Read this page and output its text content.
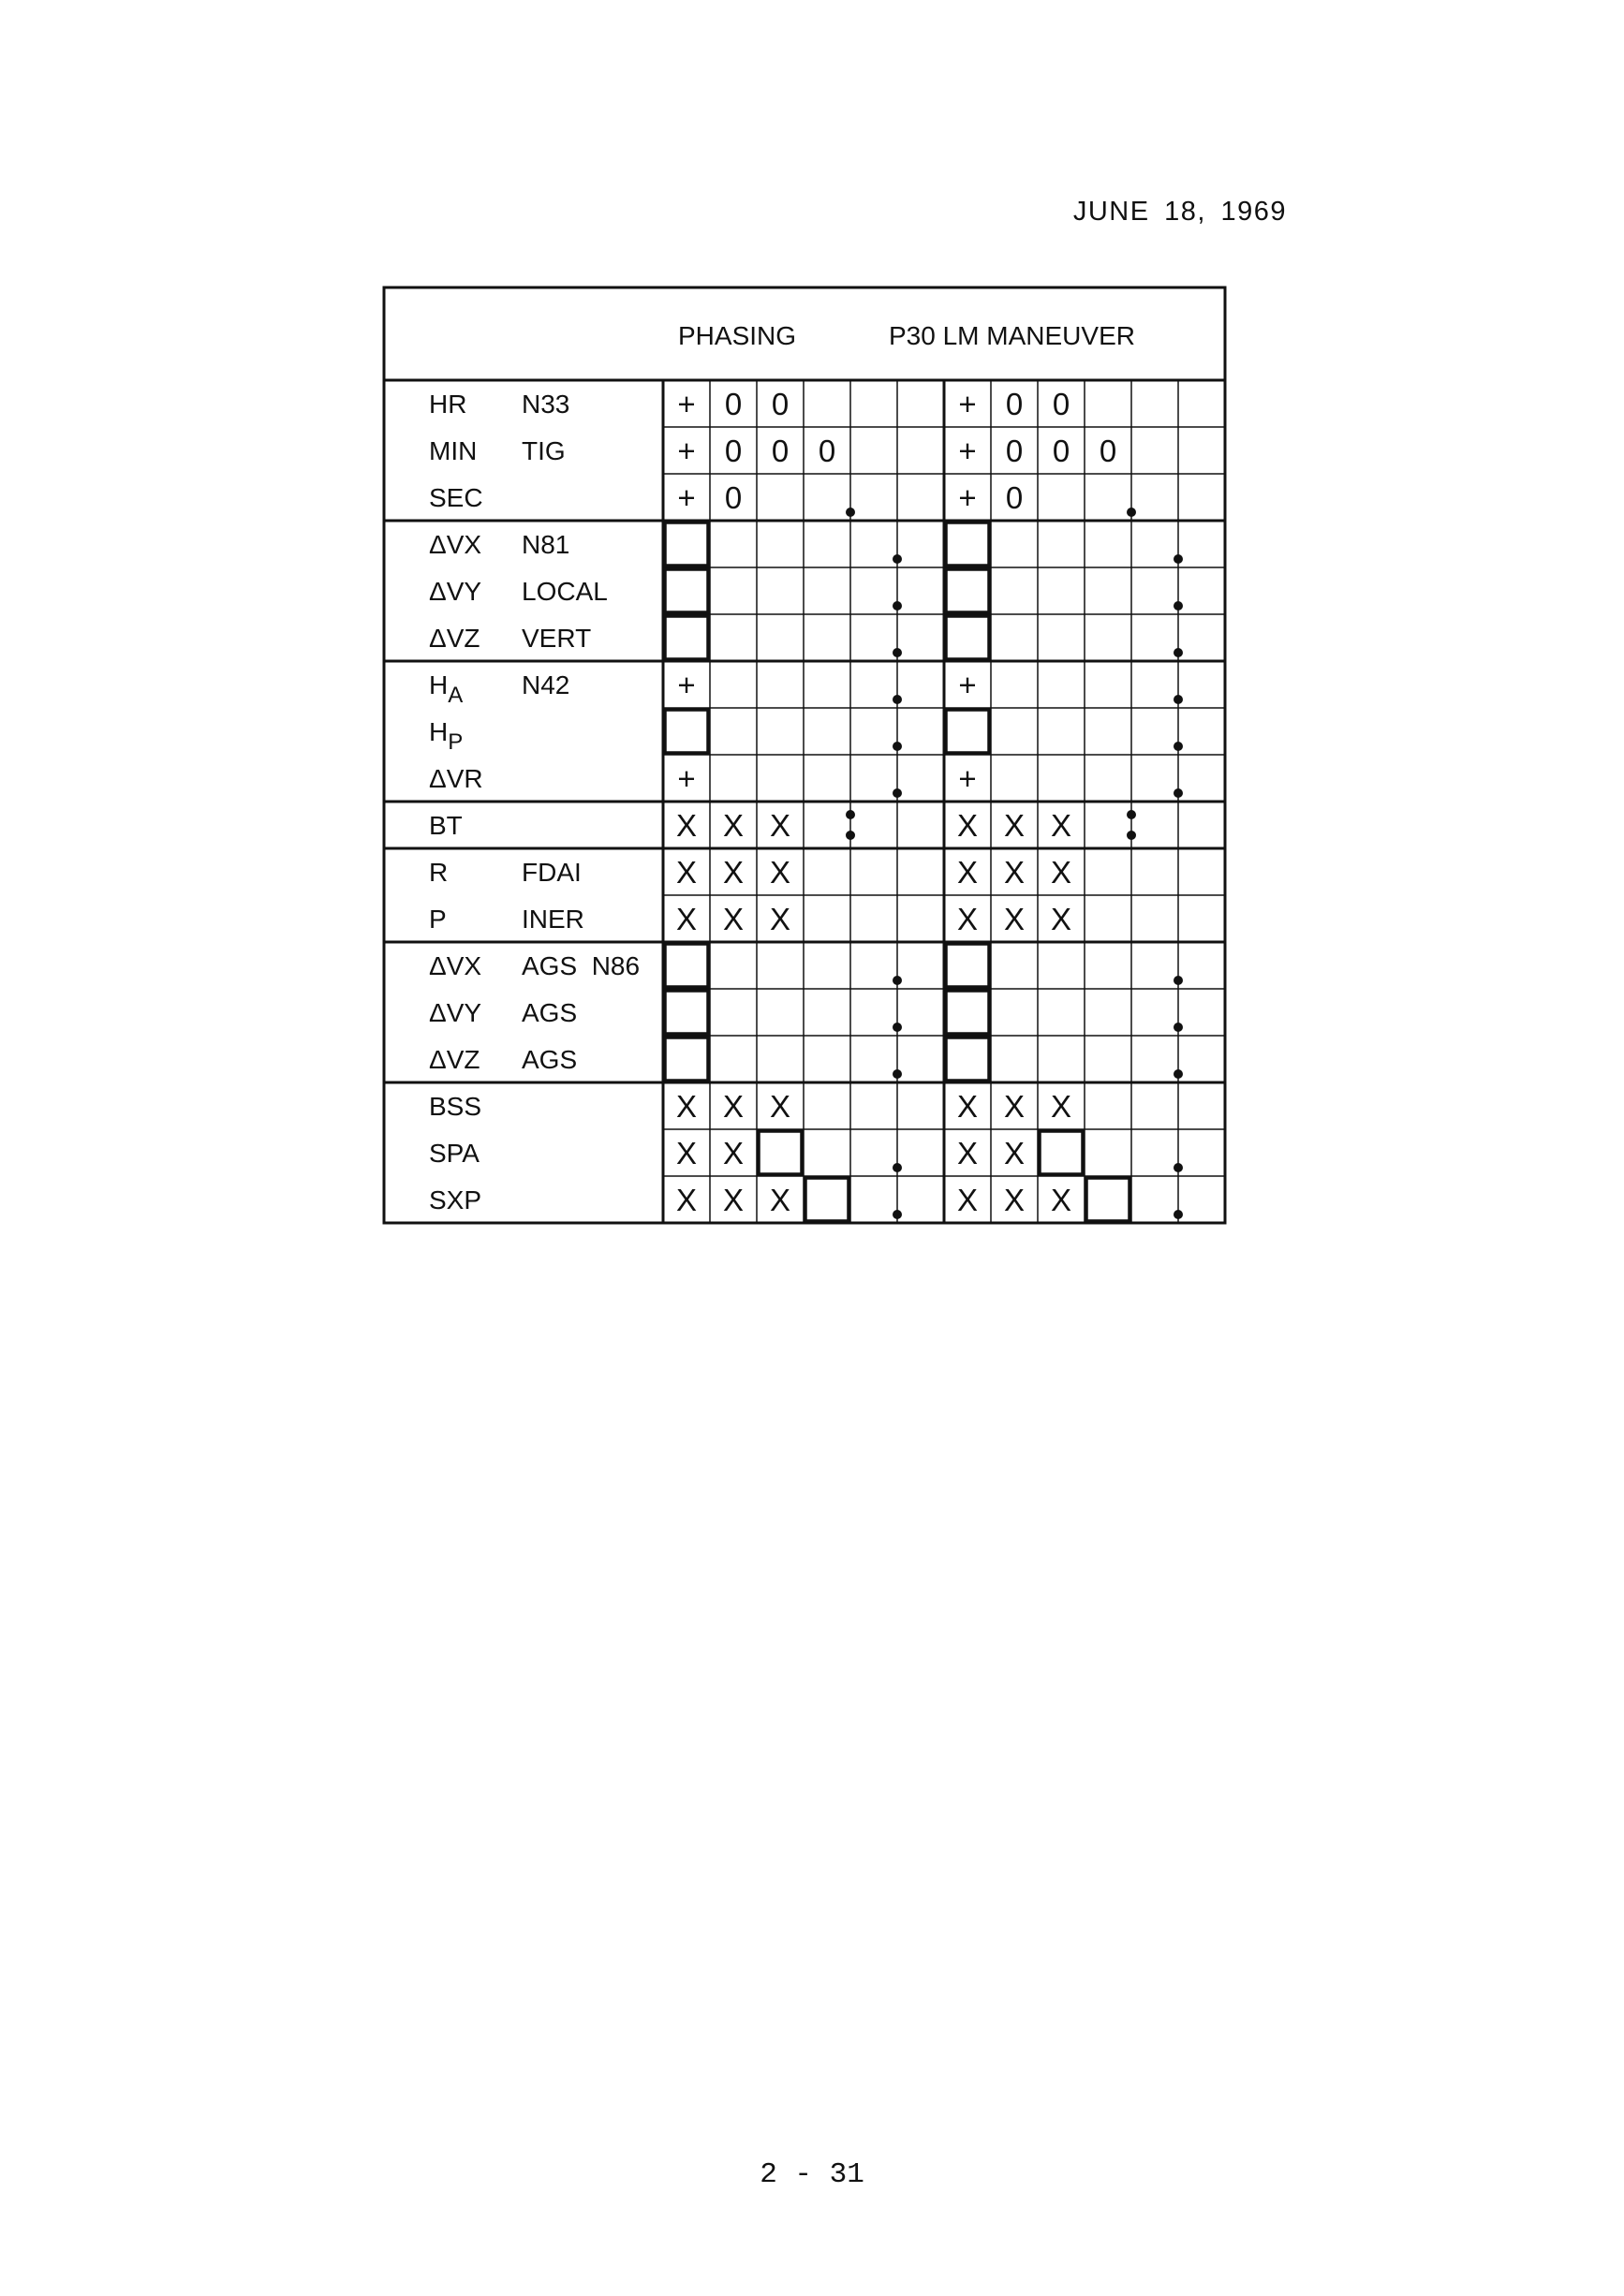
JUNE 18, 1969
PHASING	P30 LM MANEUVER
HR N33	+ 0 0	+ 0 0
MIN TIG	+ 0 0 0	+ 0 0 0
SEC	+ 0	+ 0
ΔVX N81
ΔVY LOCAL
ΔVZ VERT
HA N42	+	+
HP
ΔVR	+	+
BT	X X X	X X X
R	FDAI	X X X	X X X
P	INER	X X X	X X X
ΔVX AGS  N86
ΔVY AGS
ΔVZ AGS
BSS	X X X	X X X
SPA	X X	X X
SXP	X X X	X X X
2 - 31
